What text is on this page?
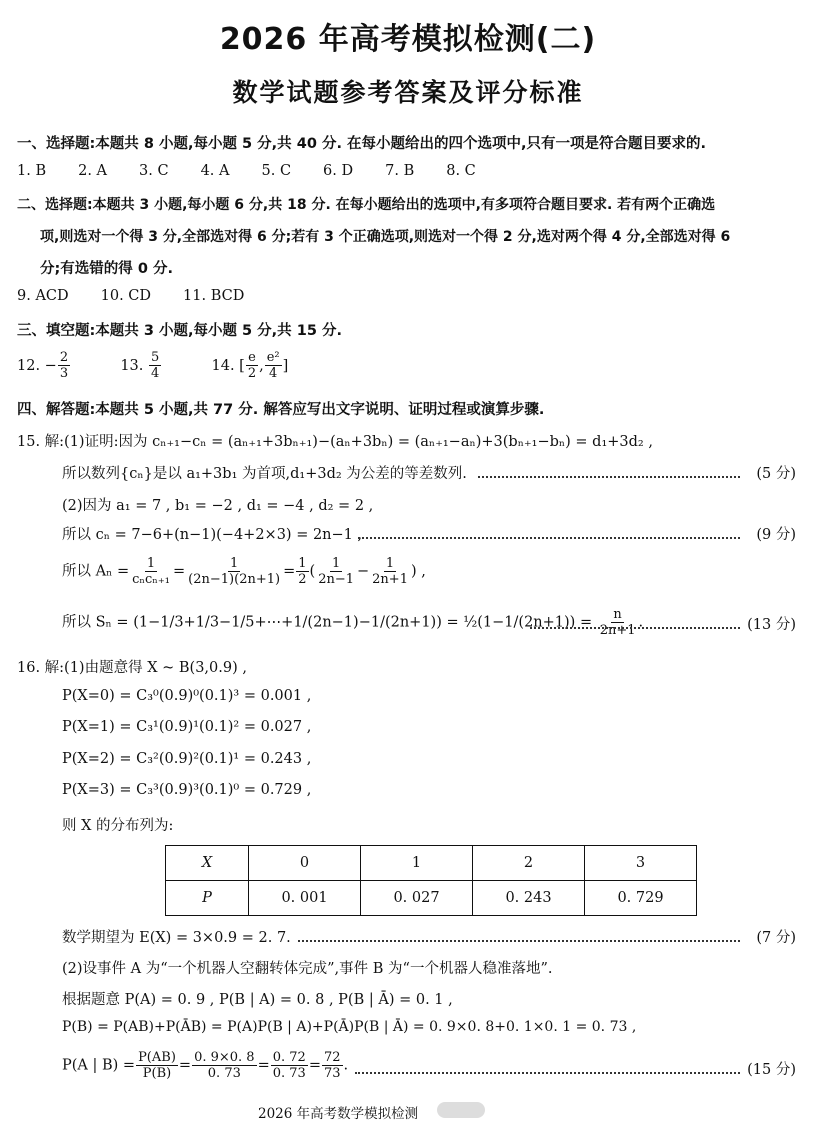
2026 年高考模拟检测(二)
数学试题参考答案及评分标准
一、选择题:本题共 8 小题,每小题 5 分,共 40 分. 在每小题给出的四个选项中,只有一项是符合题目要求的.
1. B 2. A 3. C 4. A 5. C 6. D 7. B 8. C
二、选择题:本题共 3 小题,每小题 6 分,共 18 分. 在每小题给出的选项中,有多项符合题目要求. 若有两个正确选
项,则选对一个得 3 分,全部选对得 6 分;若有 3 个正确选项,则选对一个得 2 分,选对两个得 4 分,全部选对得 6
分;有选错的得 0 分.
9. ACD 10. CD 11. BCD
三、填空题:本题共 3 小题,每小题 5 分,共 15 分.
12. − $\frac{2}{3}$	13. $\frac{5}{4}$	14. [ $\frac{e}{2}$ , $\frac{\text{e²}}{4}$ ]
四、解答题:本题共 5 小题,共 77 分. 解答应写出文字说明、证明过程或演算步骤.
15. 解:(1)证明:因为 cₙ₊₁−cₙ = (aₙ₊₁+3bₙ₊₁)−(aₙ+3bₙ) = (aₙ₊₁−aₙ)+3(bₙ₊₁−bₙ) = d₁+3d₂ ,
所以数列{cₙ}是以 a₁+3b₁ 为首项,d₁+3d₂ 为公差的等差数列.	(5 分)
(2)因为 a₁ = 7 , b₁ = −2 , d₁ = −4 , d₂ = 2 ,
所以 cₙ = 7−6+(n−1)(−4+2×3) = 2n−1 ,	(9 分)
所以 $A_n = \frac{1}{\text{cₙcₙ₊₁}} = \frac{1}{(2n-1)(2n+1)} = \frac{1}{2}$ ( $\frac{1}{2n-1} - \frac{1}{2n+1}$ ) ,
所以 Sₙ = (1−1/3+1/3−1/5+⋯+1/(2n−1)−1/(2n+1)) = ½(1−1/(2n+1)) = $\frac{n}{2n+1}$ .	(13 分)
16. 解:(1)由题意得 X ~ B(3,0.9) ,
P(X=0) = C₃⁰(0.9)⁰(0.1)³ = 0.001 ,
P(X=1) = C₃¹(0.9)¹(0.1)² = 0.027 ,
P(X=2) = C₃²(0.9)²(0.1)¹ = 0.243 ,
P(X=3) = C₃³(0.9)³(0.1)⁰ = 0.729 ,
则 X 的分布列为:
X	0	1	2	3
P	0. 001	0. 027	0. 243	0. 729
数学期望为 E(X) = 3×0.9 = 2. 7.	(7 分)
(2)设事件 A 为“一个机器人空翻转体完成”,事件 B 为“一个机器人稳准落地”.
根据题意 P(A) = 0. 9 , P(B | A) = 0. 8 , P(B | Ā) = 0. 1 ,
P(B) = P(AB)+P(ĀB) = P(A)P(B | A)+P(Ā)P(B | Ā) = 0. 9×0. 8+0. 1×0. 1 = 0. 73 ,
P(A | $B) = \frac{P(AB)}{P(B)} = \frac{0. 9\times 0. 8}{0. 73} = \frac{0. 72}{0. 73} = \frac{72}{73}$ .	(15 分)
2026 年高考数学模拟检测
